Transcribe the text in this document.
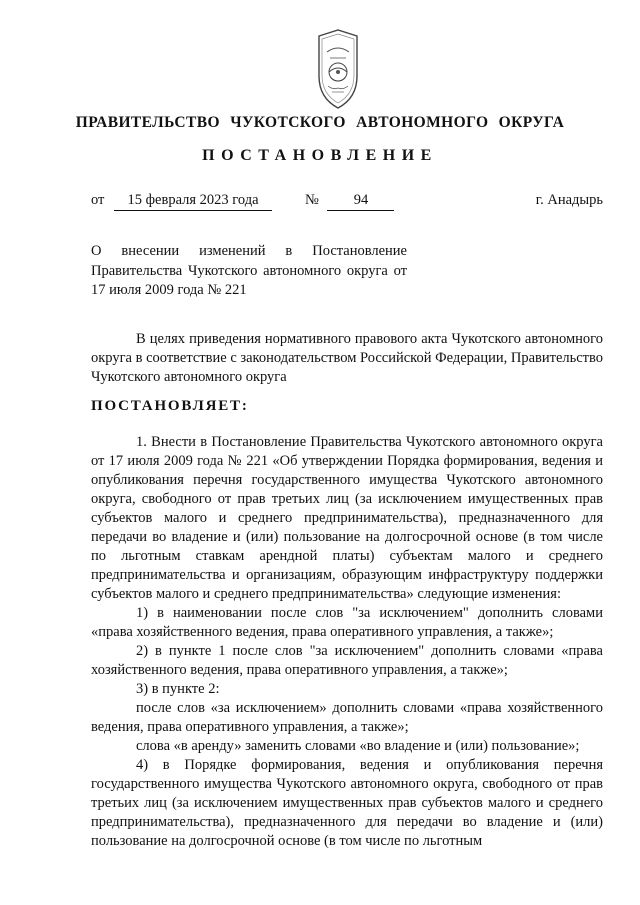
ПРАВИТЕЛЬСТВО ЧУКОТСКОГО АВТОНОМНОГО ОКРУГА
ПОСТАНОВЛЕНИЕ
от 15 февраля 2023 года	№ 94	г. Анадырь
О внесении изменений в Постановление Правительства Чукотского автономного округа от 17 июля 2009 года № 221

В целях приведения нормативного правового акта Чукотского автономного округа в соответствие с законодательством Российской Федерации, Правительство Чукотского автономного округа

ПОСТАНОВЛЯЕТ:

1. Внести в Постановление Правительства Чукотского автономного округа от 17 июля 2009 года № 221 «Об утверждении Порядка формирования, ведения и опубликования перечня государственного имущества Чукотского автономного округа, свободного от прав третьих лиц (за исключением имущественных прав субъектов малого и среднего предпринимательства), предназначенного для передачи во владение и (или) пользование на долгосрочной основе (в том числе по льготным ставкам арендной платы) субъектам малого и среднего предпринимательства и организациям, образующим инфраструктуру поддержки субъектов малого и среднего предпринимательства» следующие изменения:

1) в наименовании после слов "за исключением" дополнить словами «права хозяйственного ведения, права оперативного управления, а также»;

2) в пункте 1 после слов "за исключением" дополнить словами «права хозяйственного ведения, права оперативного управления, а также»;

3) в пункте 2:

после слов «за исключением» дополнить словами «права хозяйственного ведения, права оперативного управления, а также»;

слова «в аренду» заменить словами «во владение и (или) пользование»;

4) в Порядке формирования, ведения и опубликования перечня государственного имущества Чукотского автономного округа, свободного от прав третьих лиц (за исключением имущественных прав субъектов малого и среднего предпринимательства), предназначенного для передачи во владение и (или) пользование на долгосрочной основе (в том числе по льготным
